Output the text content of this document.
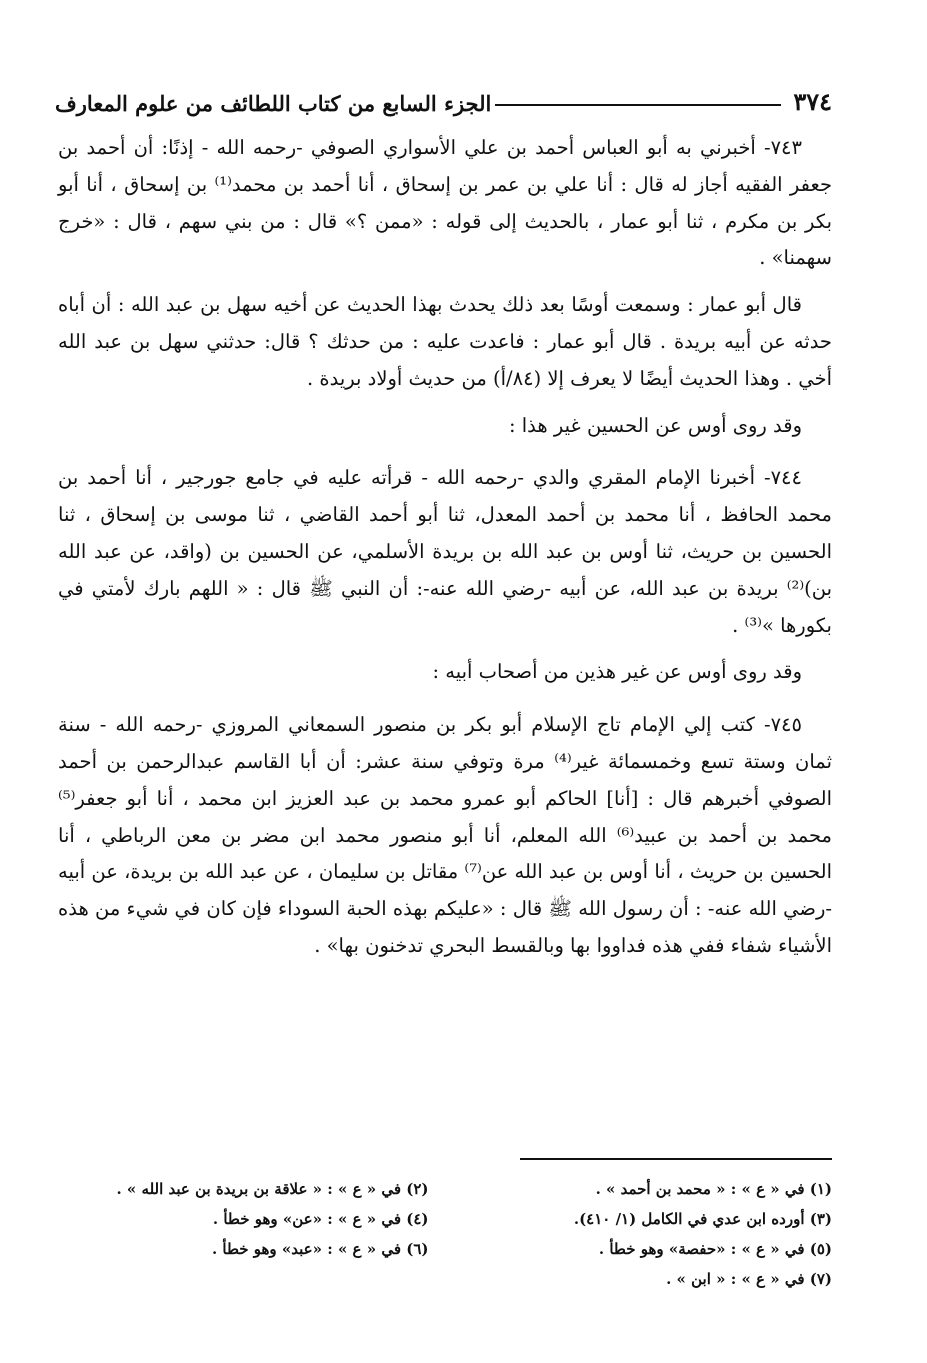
٣٧٤
الجزء السابع من كتاب اللطائف من علوم المعارف

٧٤٣- أخبرني به أبو العباس أحمد بن علي الأسواري الصوفي -رحمه الله - إذنًا: أن أحمد بن جعفر الفقيه أجاز له قال : أنا علي بن عمر بن إسحاق ، أنا أحمد بن محمد⁽¹⁾ بن إسحاق ، أنا أبو بكر بن مكرم ، ثنا أبو عمار ، بالحديث إلى قوله : «ممن ؟» قال : من بني سهم ، قال : «خرج سهمنا» .

قال أبو عمار : وسمعت أوسًا بعد ذلك يحدث بهذا الحديث عن أخيه سهل بن عبد الله : أن أباه حدثه عن أبيه بريدة . قال أبو عمار : فاعدت عليه : من حدثك ؟ قال: حدثني سهل بن عبد الله أخي . وهذا الحديث أيضًا لا يعرف إلا (٨٤/أ) من حديث أولاد بريدة .

وقد روى أوس عن الحسين غير هذا :

٧٤٤- أخبرنا الإمام المقري والدي -رحمه الله - قرأته عليه في جامع جورجير ، أنا أحمد بن محمد الحافظ ، أنا محمد بن أحمد المعدل، ثنا أبو أحمد القاضي ، ثنا موسى بن إسحاق ، ثنا الحسين بن حريث، ثنا أوس بن عبد الله بن بريدة الأسلمي، عن الحسين بن (واقد، عن عبد الله بن)⁽²⁾ بريدة بن عبد الله، عن أبيه -رضي الله عنه-: أن النبي ﷺ قال : « اللهم بارك لأمتي في بكورها »⁽³⁾ .

وقد روى أوس عن غير هذين من أصحاب أبيه :

٧٤٥- كتب إلي الإمام تاج الإسلام أبو بكر بن منصور السمعاني المروزي -رحمه الله - سنة ثمان وستة تسع وخمسمائة غير⁽⁴⁾ مرة وتوفي سنة عشر: أن أبا القاسم عبدالرحمن بن أحمد الصوفي أخبرهم قال : [أنا] الحاكم أبو عمرو محمد بن عبد العزيز ابن محمد ، أنا أبو جعفر⁽⁵⁾ محمد بن أحمد بن عبيد⁽⁶⁾ الله المعلم، أنا أبو منصور محمد ابن مضر بن معن الرباطي ، أنا الحسين بن حريث ، أنا أوس بن عبد الله عن⁽⁷⁾ مقاتل بن سليمان ، عن عبد الله بن بريدة، عن أبيه -رضي الله عنه- : أن رسول الله ﷺ قال : «عليكم بهذه الحبة السوداء فإن كان في شيء من هذه الأشياء شفاء ففي هذه فداووا بها وبالقسط البحري تدخنون بها» .

(١) في « ع » : « محمد بن أحمد » .
(٢) في « ع » : « علاقة بن بريدة بن عبد الله » .
(٣) أورده ابن عدي في الكامل (١/ ٤١٠).
(٤) في « ع » : «عن» وهو خطأ .
(٥) في « ع » : «حفصة» وهو خطأ .
(٦) في « ع » : «عبد» وهو خطأ .
(٧) في « ع » : « ابن » .
